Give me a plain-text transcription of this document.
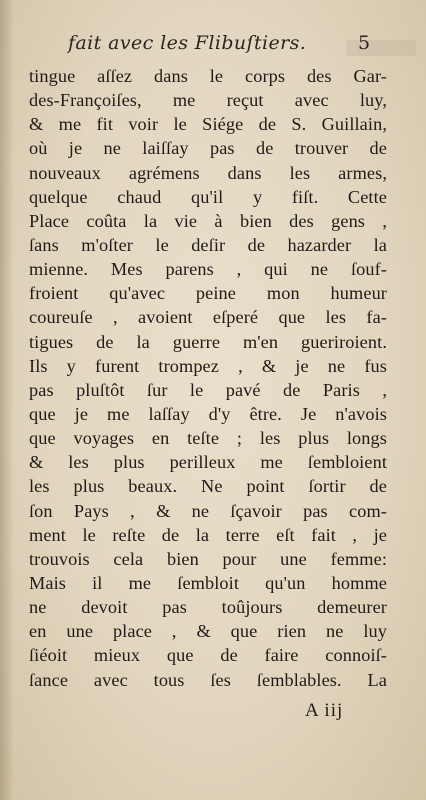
fait avec les Flibuſtiers.	5
tingue aſſez dans le corps des Gar-
des-Françoiſes, me reçut avec luy,
& me fit voir le Siége de S. Guillain,
où je ne laiſſay pas de trouver de
nouveaux agrémens dans les armes,
quelque chaud qu'il y fiſt. Cette
Place coûta la vie à bien des gens ,
ſans m'oſter le deſir de hazarder la
mienne. Mes parens , qui ne ſouf-
froient qu'avec peine mon humeur
coureuſe , avoient eſperé que les fa-
tigues de la guerre m'en gueriroient.
Ils y furent trompez , & je ne fus
pas pluſtôt ſur le pavé de Paris ,
que je me laſſay d'y être. Je n'avois
que voyages en teſte ; les plus longs
& les plus perilleux me ſembloient
les plus beaux. Ne point ſortir de
ſon Pays , & ne ſçavoir pas com-
ment le reſte de la terre eſt fait , je
trouvois cela bien pour une femme:
Mais il me ſembloit qu'un homme
ne devoit pas toûjours demeurer
en une place , & que rien ne luy
ſiéoit mieux que de faire connoiſ-
ſance avec tous ſes ſemblables. La
A iij
